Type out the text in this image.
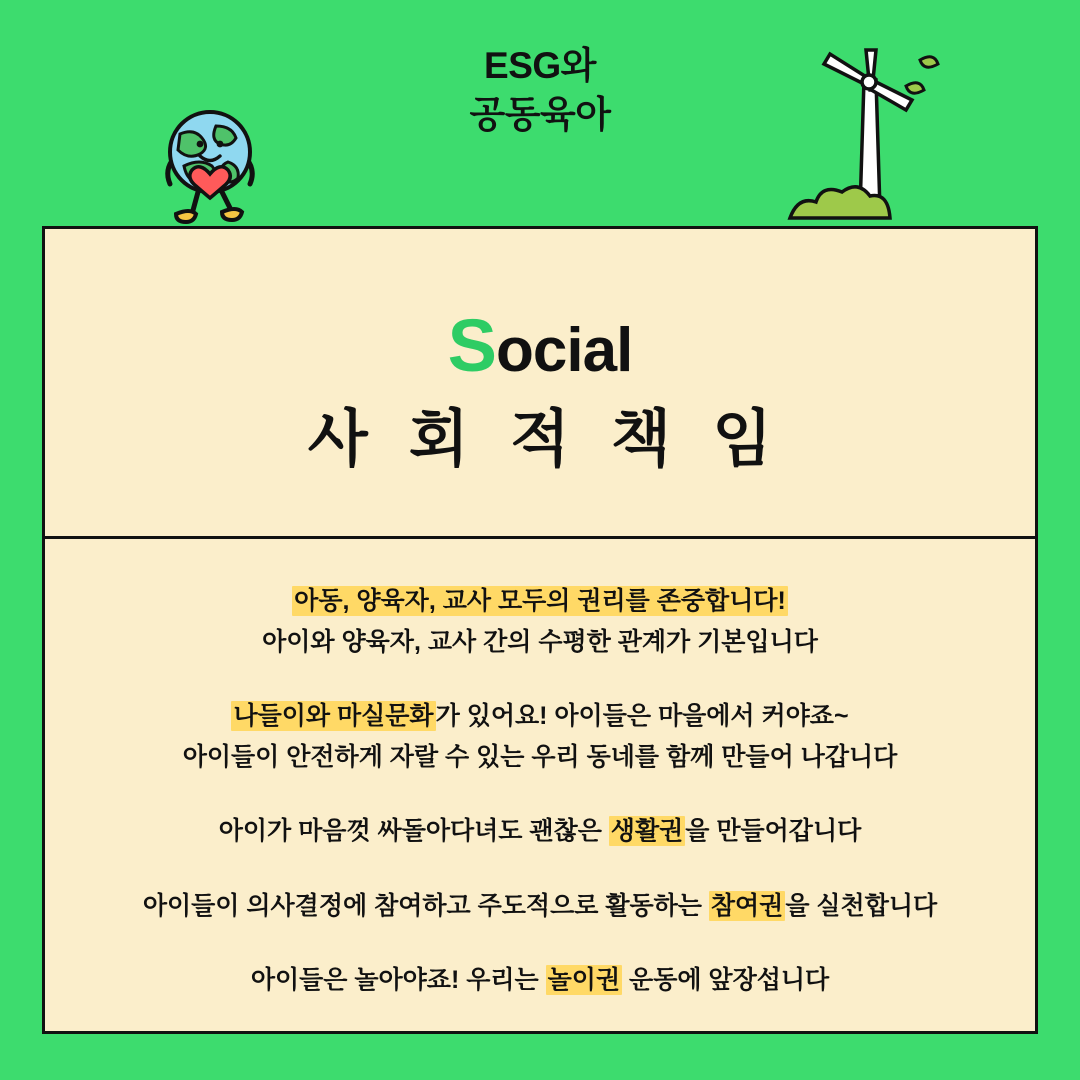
ESG와
공동육아
Social
사 회 적 책 임
아동, 양육자, 교사 모두의 권리를 존중합니다!
아이와 양육자, 교사 간의 수평한 관계가 기본입니다
나들이와 마실문화가 있어요! 아이들은 마을에서 커야죠~
아이들이 안전하게 자랄 수 있는 우리 동네를 함께 만들어 나갑니다
아이가 마음껏 싸돌아다녀도 괜찮은 생활권을 만들어갑니다
아이들이 의사결정에 참여하고 주도적으로 활동하는 참여권을 실천합니다
아이들은 놀아야죠! 우리는 놀이권 운동에 앞장섭니다
